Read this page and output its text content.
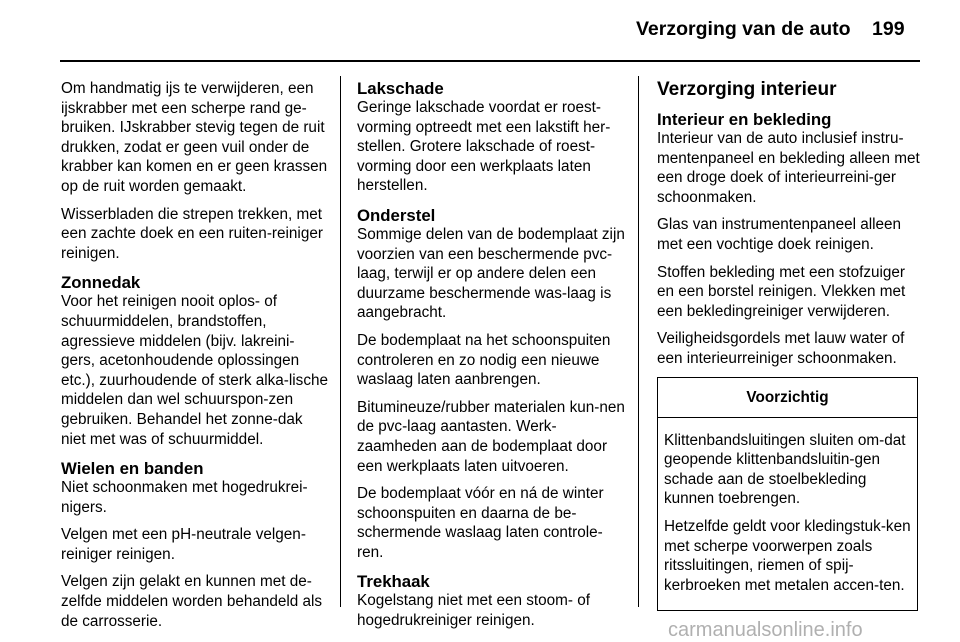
Verzorging van de auto 199

Om handmatig ijs te verwijderen, een ijskrabber met een scherpe rand ge-bruiken. IJskrabber stevig tegen de ruit drukken, zodat er geen vuil onder de krabber kan komen en er geen krassen op de ruit worden gemaakt.

Wisserbladen die strepen trekken, met een zachte doek en een ruiten-reiniger reinigen.

Zonnedak

Voor het reinigen nooit oplos- of schuurmiddelen, brandstoffen, agressieve middelen (bijv. lakreini-gers, acetonhoudende oplossingen etc.), zuurhoudende of sterk alka-lische middelen dan wel schuurspon-zen gebruiken. Behandel het zonne-dak niet met was of schuurmiddel.

Wielen en banden

Niet schoonmaken met hogedrukrei-nigers.

Velgen met een pH-neutrale velgen-reiniger reinigen.

Velgen zijn gelakt en kunnen met de-zelfde middelen worden behandeld als de carrosserie.

Lakschade

Geringe lakschade voordat er roest-vorming optreedt met een lakstift her-stellen. Grotere lakschade of roest-vorming door een werkplaats laten herstellen.

Onderstel

Sommige delen van de bodemplaat zijn voorzien van een beschermende pvc-laag, terwijl er op andere delen een duurzame beschermende was-laag is aangebracht.

De bodemplaat na het schoonspuiten controleren en zo nodig een nieuwe waslaag laten aanbrengen.

Bitumineuze/rubber materialen kun-nen de pvc-laag aantasten. Werk-zaamheden aan de bodemplaat door een werkplaats laten uitvoeren.

De bodemplaat vóór en ná de winter schoonspuiten en daarna de be-schermende waslaag laten controle-ren.

Trekhaak

Kogelstang niet met een stoom- of hogedrukreiniger reinigen.

Verzorging interieur
Interieur en bekleding

Interieur van de auto inclusief instru-mentenpaneel en bekleding alleen met een droge doek of interieurreini-ger schoonmaken.

Glas van instrumentenpaneel alleen met een vochtige doek reinigen.

Stoffen bekleding met een stofzuiger en een borstel reinigen. Vlekken met een bekledingreiniger verwijderen.

Veiligheidsgordels met lauw water of een interieurreiniger schoonmaken.

Voorzichtig

Klittenbandsluitingen sluiten om-dat geopende klittenbandsluitin-gen schade aan de stoelbekleding kunnen toebrengen.

Hetzelfde geldt voor kledingstuk-ken met scherpe voorwerpen zoals ritssluitingen, riemen of spij-kerbroeken met metalen accen-ten.

carmanualsonline.info
